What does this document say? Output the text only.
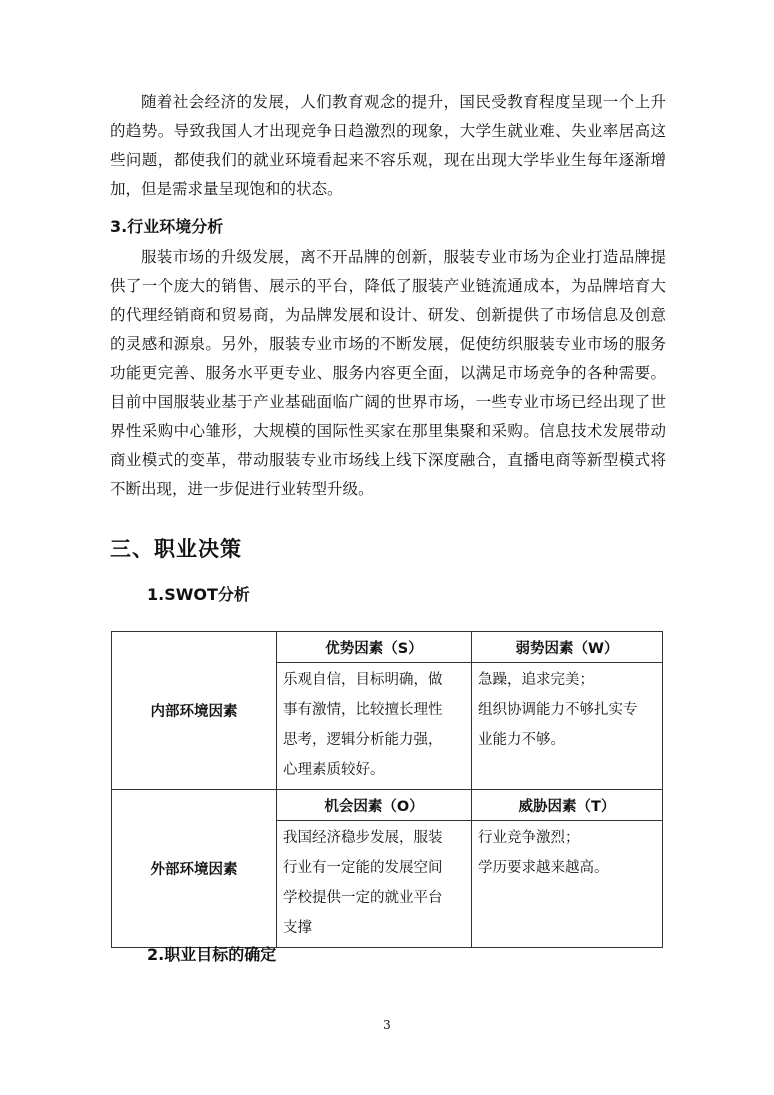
随着社会经济的发展，人们教育观念的提升，国民受教育程度呈现一个上升的趋势。导致我国人才出现竞争日趋激烈的现象，大学生就业难、失业率居高这些问题，都使我们的就业环境看起来不容乐观，现在出现大学毕业生每年逐渐增加，但是需求量呈现饱和的状态。

3.行业环境分析

服装市场的升级发展，离不开品牌的创新，服装专业市场为企业打造品牌提供了一个庞大的销售、展示的平台，降低了服装产业链流通成本，为品牌培育大的代理经销商和贸易商，为品牌发展和设计、研发、创新提供了市场信息及创意的灵感和源泉。另外，服装专业市场的不断发展，促使纺织服装专业市场的服务功能更完善、服务水平更专业、服务内容更全面，以满足市场竞争的各种需要。目前中国服装业基于产业基础面临广阔的世界市场，一些专业市场已经出现了世界性采购中心雏形，大规模的国际性买家在那里集聚和采购。信息技术发展带动商业模式的变革，带动服装专业市场线上线下深度融合，直播电商等新型模式将不断出现，进一步促进行业转型升级。

三、职业决策
1.SWOT分析
内部环境因素	优势因素（S）	弱势因素（W）

	乐观自信，目标明确，做
事有激情，比较擅长理性
思考，逻辑分析能力强，
心理素质较好。	急躁，追求完美；
组织协调能力不够扎实专
业能力不够。

外部环境因素	机会因素（O）	威胁因素（T）

	我国经济稳步发展，服装
行业有一定能的发展空间
学校提供一定的就业平台
支撑	行业竞争激烈；
学历要求越来越高。
2.职业目标的确定
3
